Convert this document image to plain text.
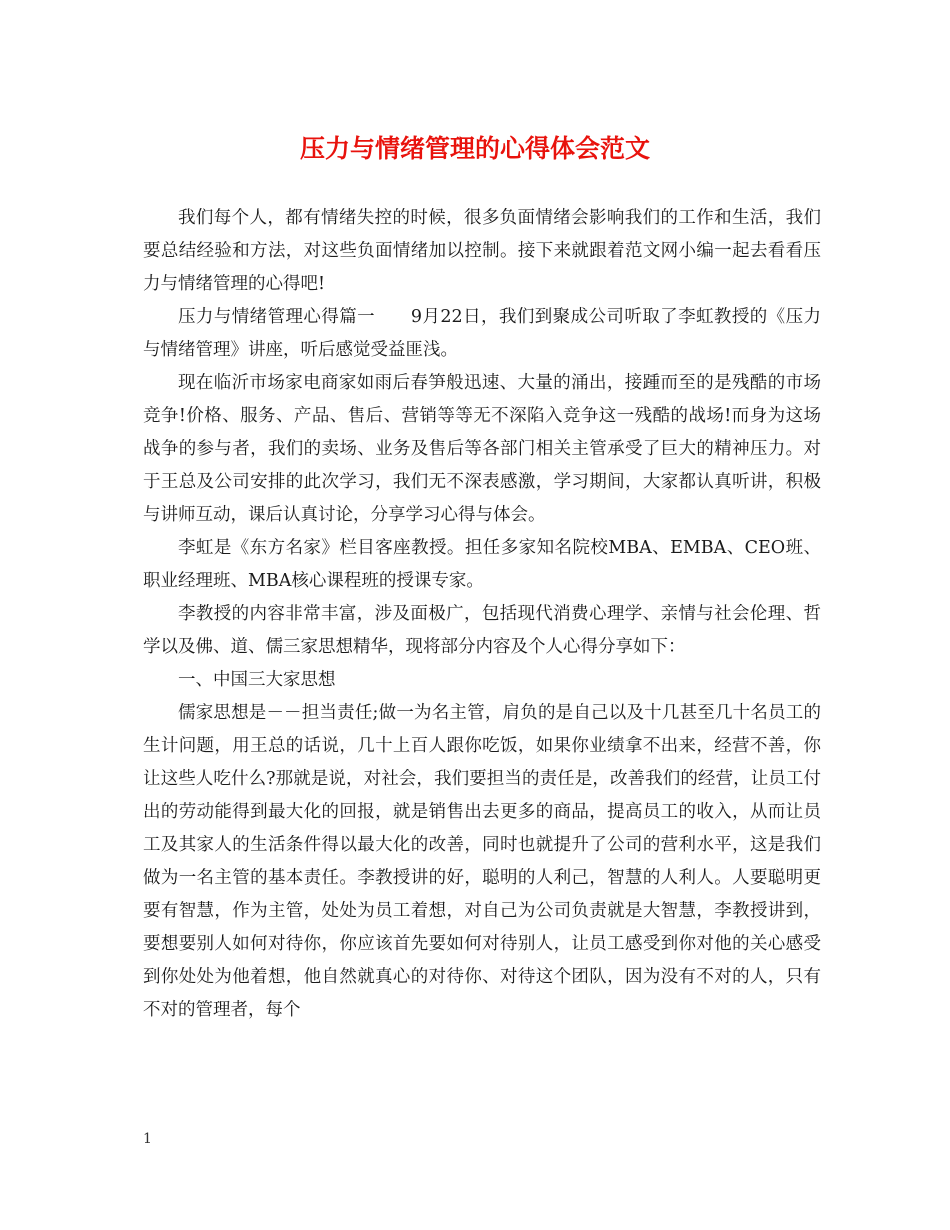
压力与情绪管理的心得体会范文

我们每个人，都有情绪失控的时候，很多负面情绪会影响我们的工作和生活，我们要总结经验和方法，对这些负面情绪加以控制。接下来就跟着范文网小编一起去看看压力与情绪管理的心得吧!

压力与情绪管理心得篇一　　9月22日，我们到聚成公司听取了李虹教授的《压力与情绪管理》讲座，听后感觉受益匪浅。

现在临沂市场家电商家如雨后春笋般迅速、大量的涌出，接踵而至的是残酷的市场竞争!价格、服务、产品、售后、营销等等无不深陷入竞争这一残酷的战场!而身为这场战争的参与者，我们的卖场、业务及售后等各部门相关主管承受了巨大的精神压力。对于王总及公司安排的此次学习，我们无不深表感激，学习期间，大家都认真听讲，积极与讲师互动，课后认真讨论，分享学习心得与体会。

李虹是《东方名家》栏目客座教授。担任多家知名院校MBA、EMBA、CEO班、职业经理班、MBA核心课程班的授课专家。

李教授的内容非常丰富，涉及面极广，包括现代消费心理学、亲情与社会伦理、哲学以及佛、道、儒三家思想精华，现将部分内容及个人心得分享如下：

一、中国三大家思想

儒家思想是－－担当责任;做一为名主管，肩负的是自己以及十几甚至几十名员工的生计问题，用王总的话说，几十上百人跟你吃饭，如果你业绩拿不出来，经营不善，你让这些人吃什么?那就是说，对社会，我们要担当的责任是，改善我们的经营，让员工付出的劳动能得到最大化的回报，就是销售出去更多的商品，提高员工的收入，从而让员工及其家人的生活条件得以最大化的改善，同时也就提升了公司的营利水平，这是我们做为一名主管的基本责任。李教授讲的好，聪明的人利己，智慧的人利人。人要聪明更要有智慧，作为主管，处处为员工着想，对自己为公司负责就是大智慧，李教授讲到，要想要别人如何对待你，你应该首先要如何对待别人，让员工感受到你对他的关心感受到你处处为他着想，他自然就真心的对待你、对待这个团队，因为没有不对的人，只有不对的管理者，每个

1
